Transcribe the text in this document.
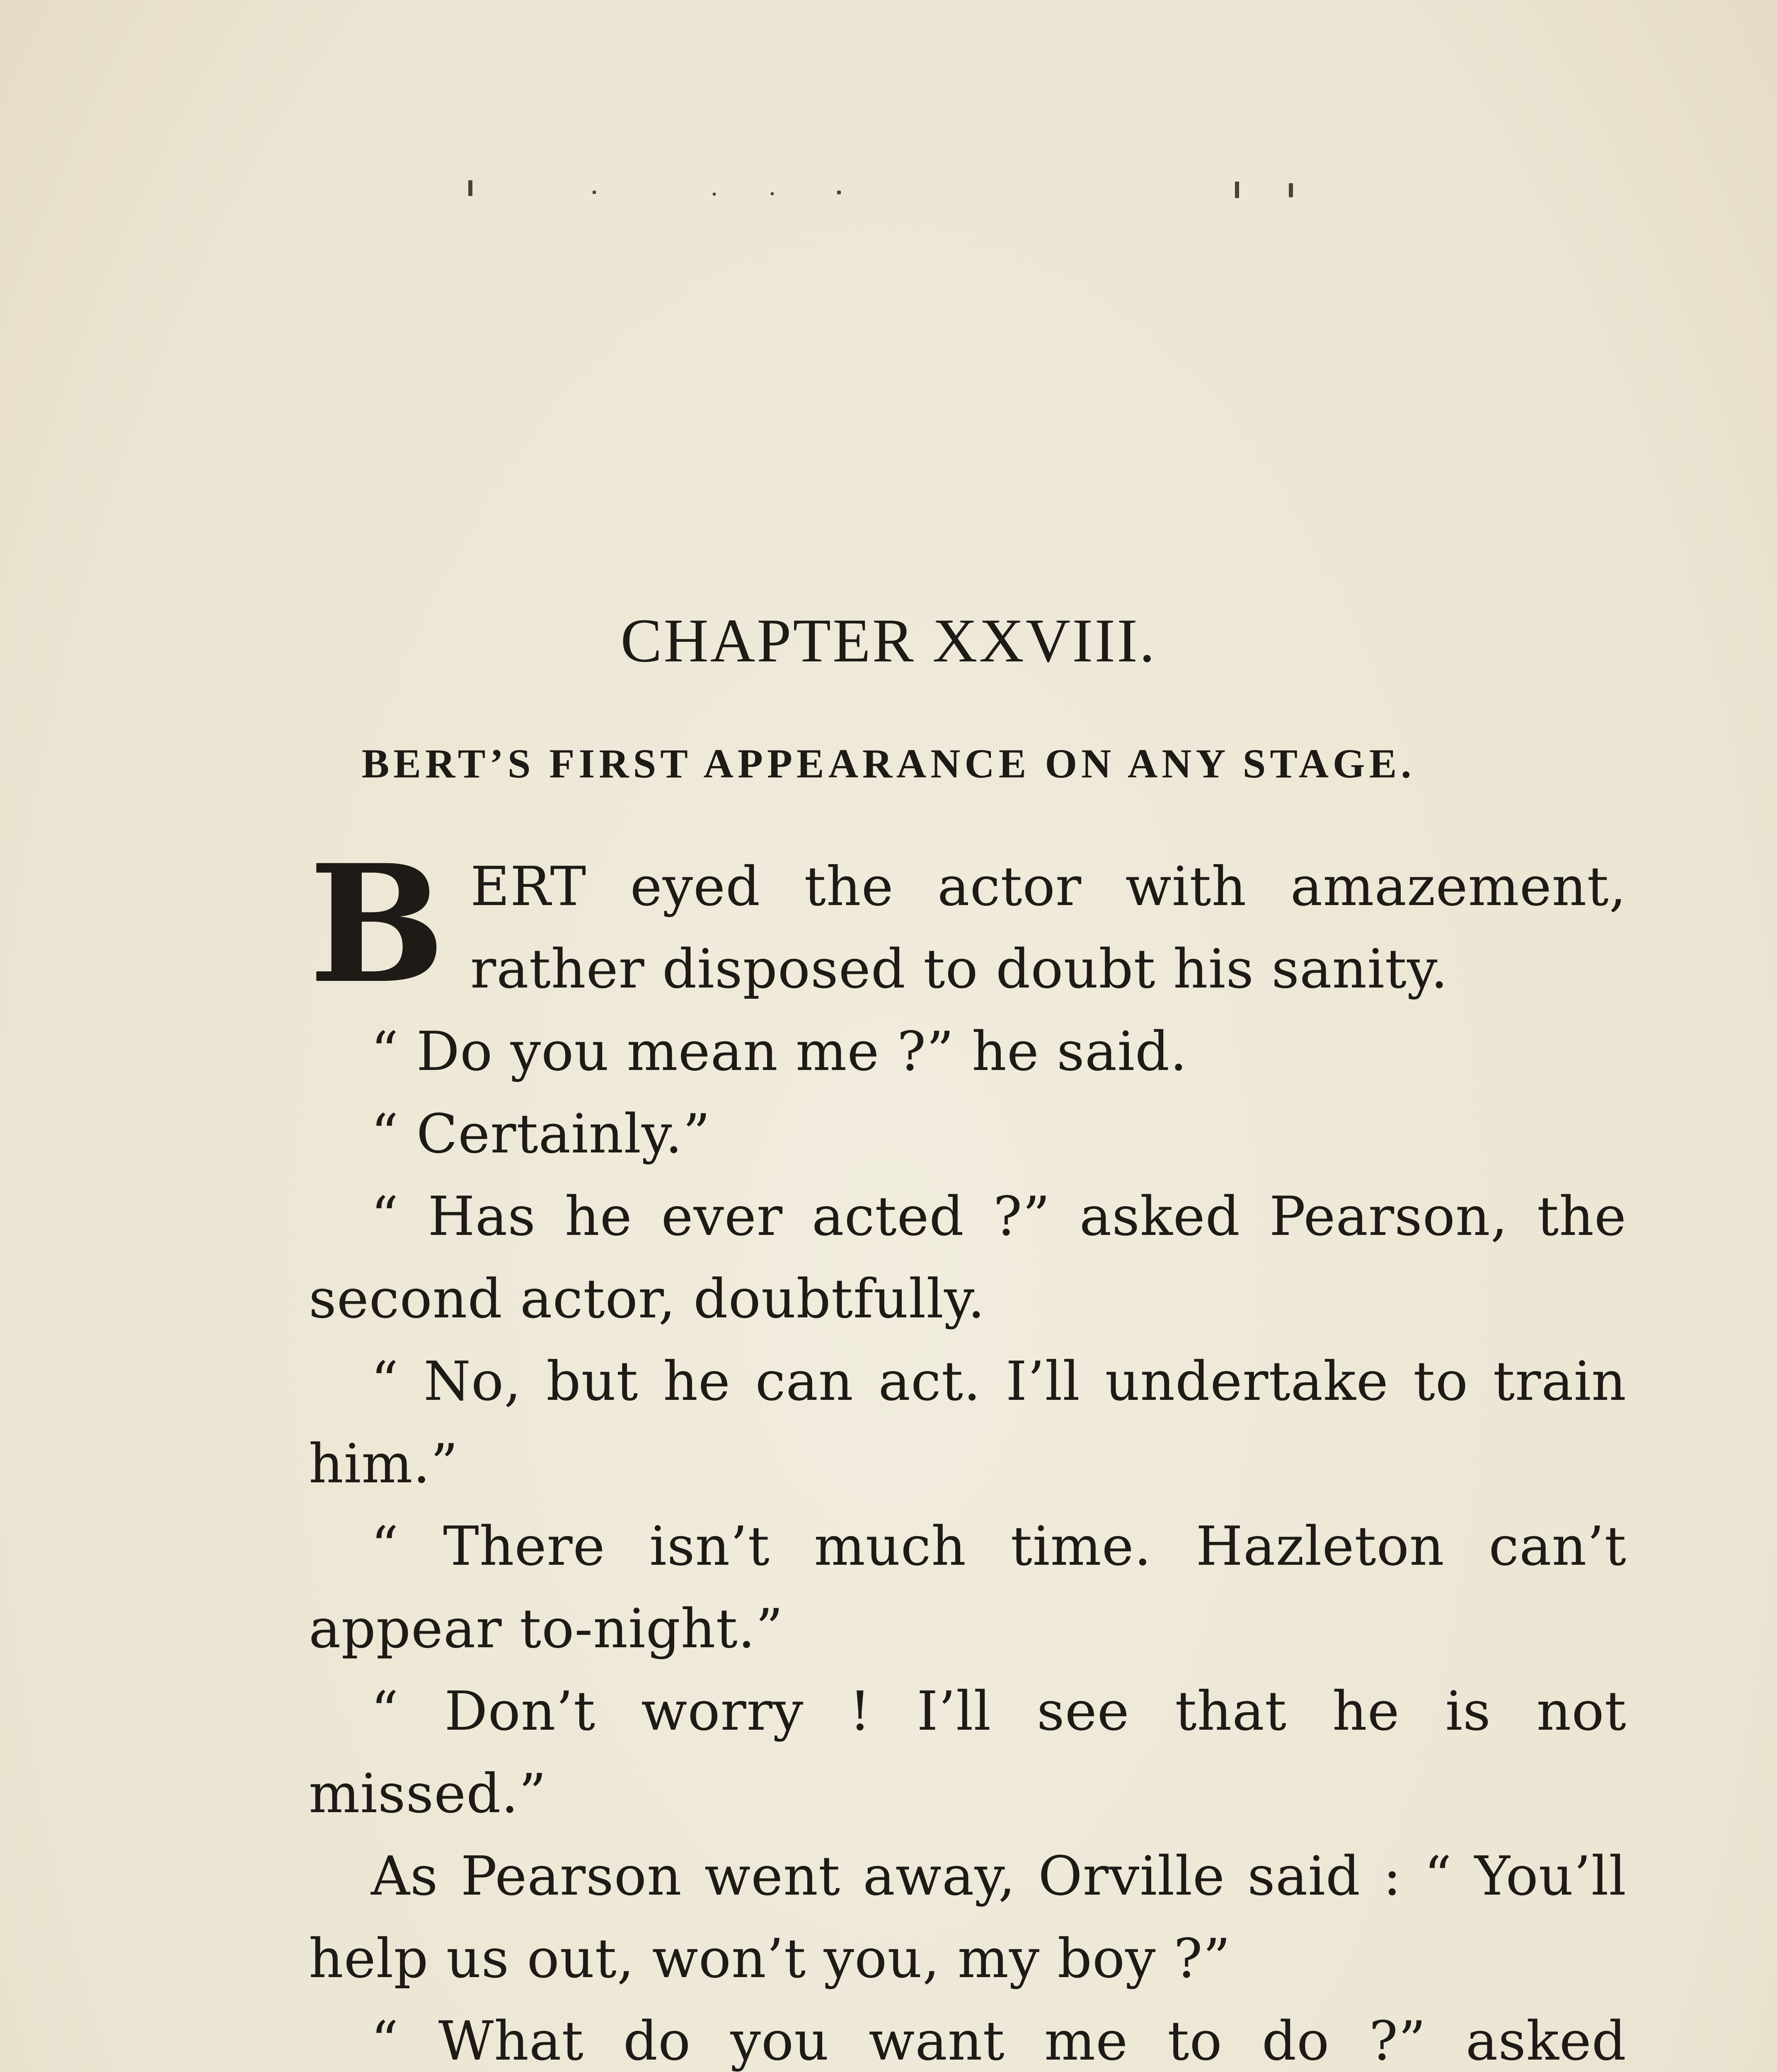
CHAPTER XXVIII.
BERT’S FIRST APPEARANCE ON ANY STAGE.
B ERT eyed the actor with amazement,
rather disposed to doubt his sanity.
“ Do you mean me ?” he said.
“ Certainly.”
“ Has he ever acted ?” asked Pearson, the
second actor, doubtfully.
“ No, but he can act. I’ll undertake to train
him.”
“ There isn’t much time. Hazleton can’t
appear to-night.”
“ Don’t worry ! I’ll see that he is not
missed.”
As Pearson went away, Orville said : “ You’ll
help us out, won’t you, my boy ?”
“ What do you want me to do ?” asked
